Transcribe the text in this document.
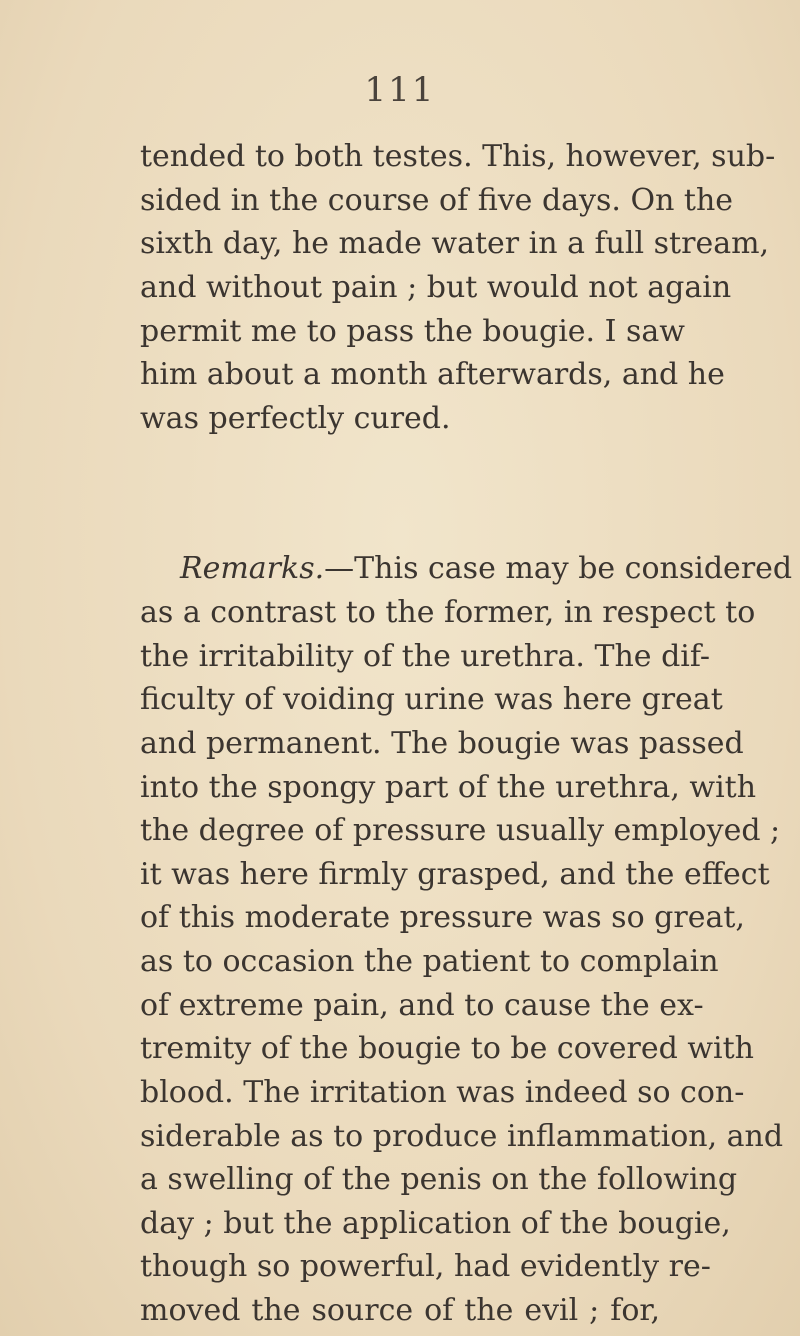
111
tended to both testes. This, however, sub-
sided in the course of five days. On the
sixth day, he made water in a full stream,
and without pain ; but would not again
permit me to pass the bougie. I saw
him about a month afterwards, and he
was perfectly cured.
Remarks.—This case may be considered
as a contrast to the former, in respect to
the irritability of the urethra. The dif-
ficulty of voiding urine was here great
and permanent. The bougie was passed
into the spongy part of the urethra, with
the degree of pressure usually employed ;
it was here firmly grasped, and the effect
of this moderate pressure was so great,
as to occasion the patient to complain
of extreme pain, and to cause the ex-
tremity of the bougie to be covered with
blood. The irritation was indeed so con-
siderable as to produce inflammation, and
a swelling of the penis on the following
day ; but the application of the bougie,
though so powerful, had evidently re-
moved the source of the evil ; for,
